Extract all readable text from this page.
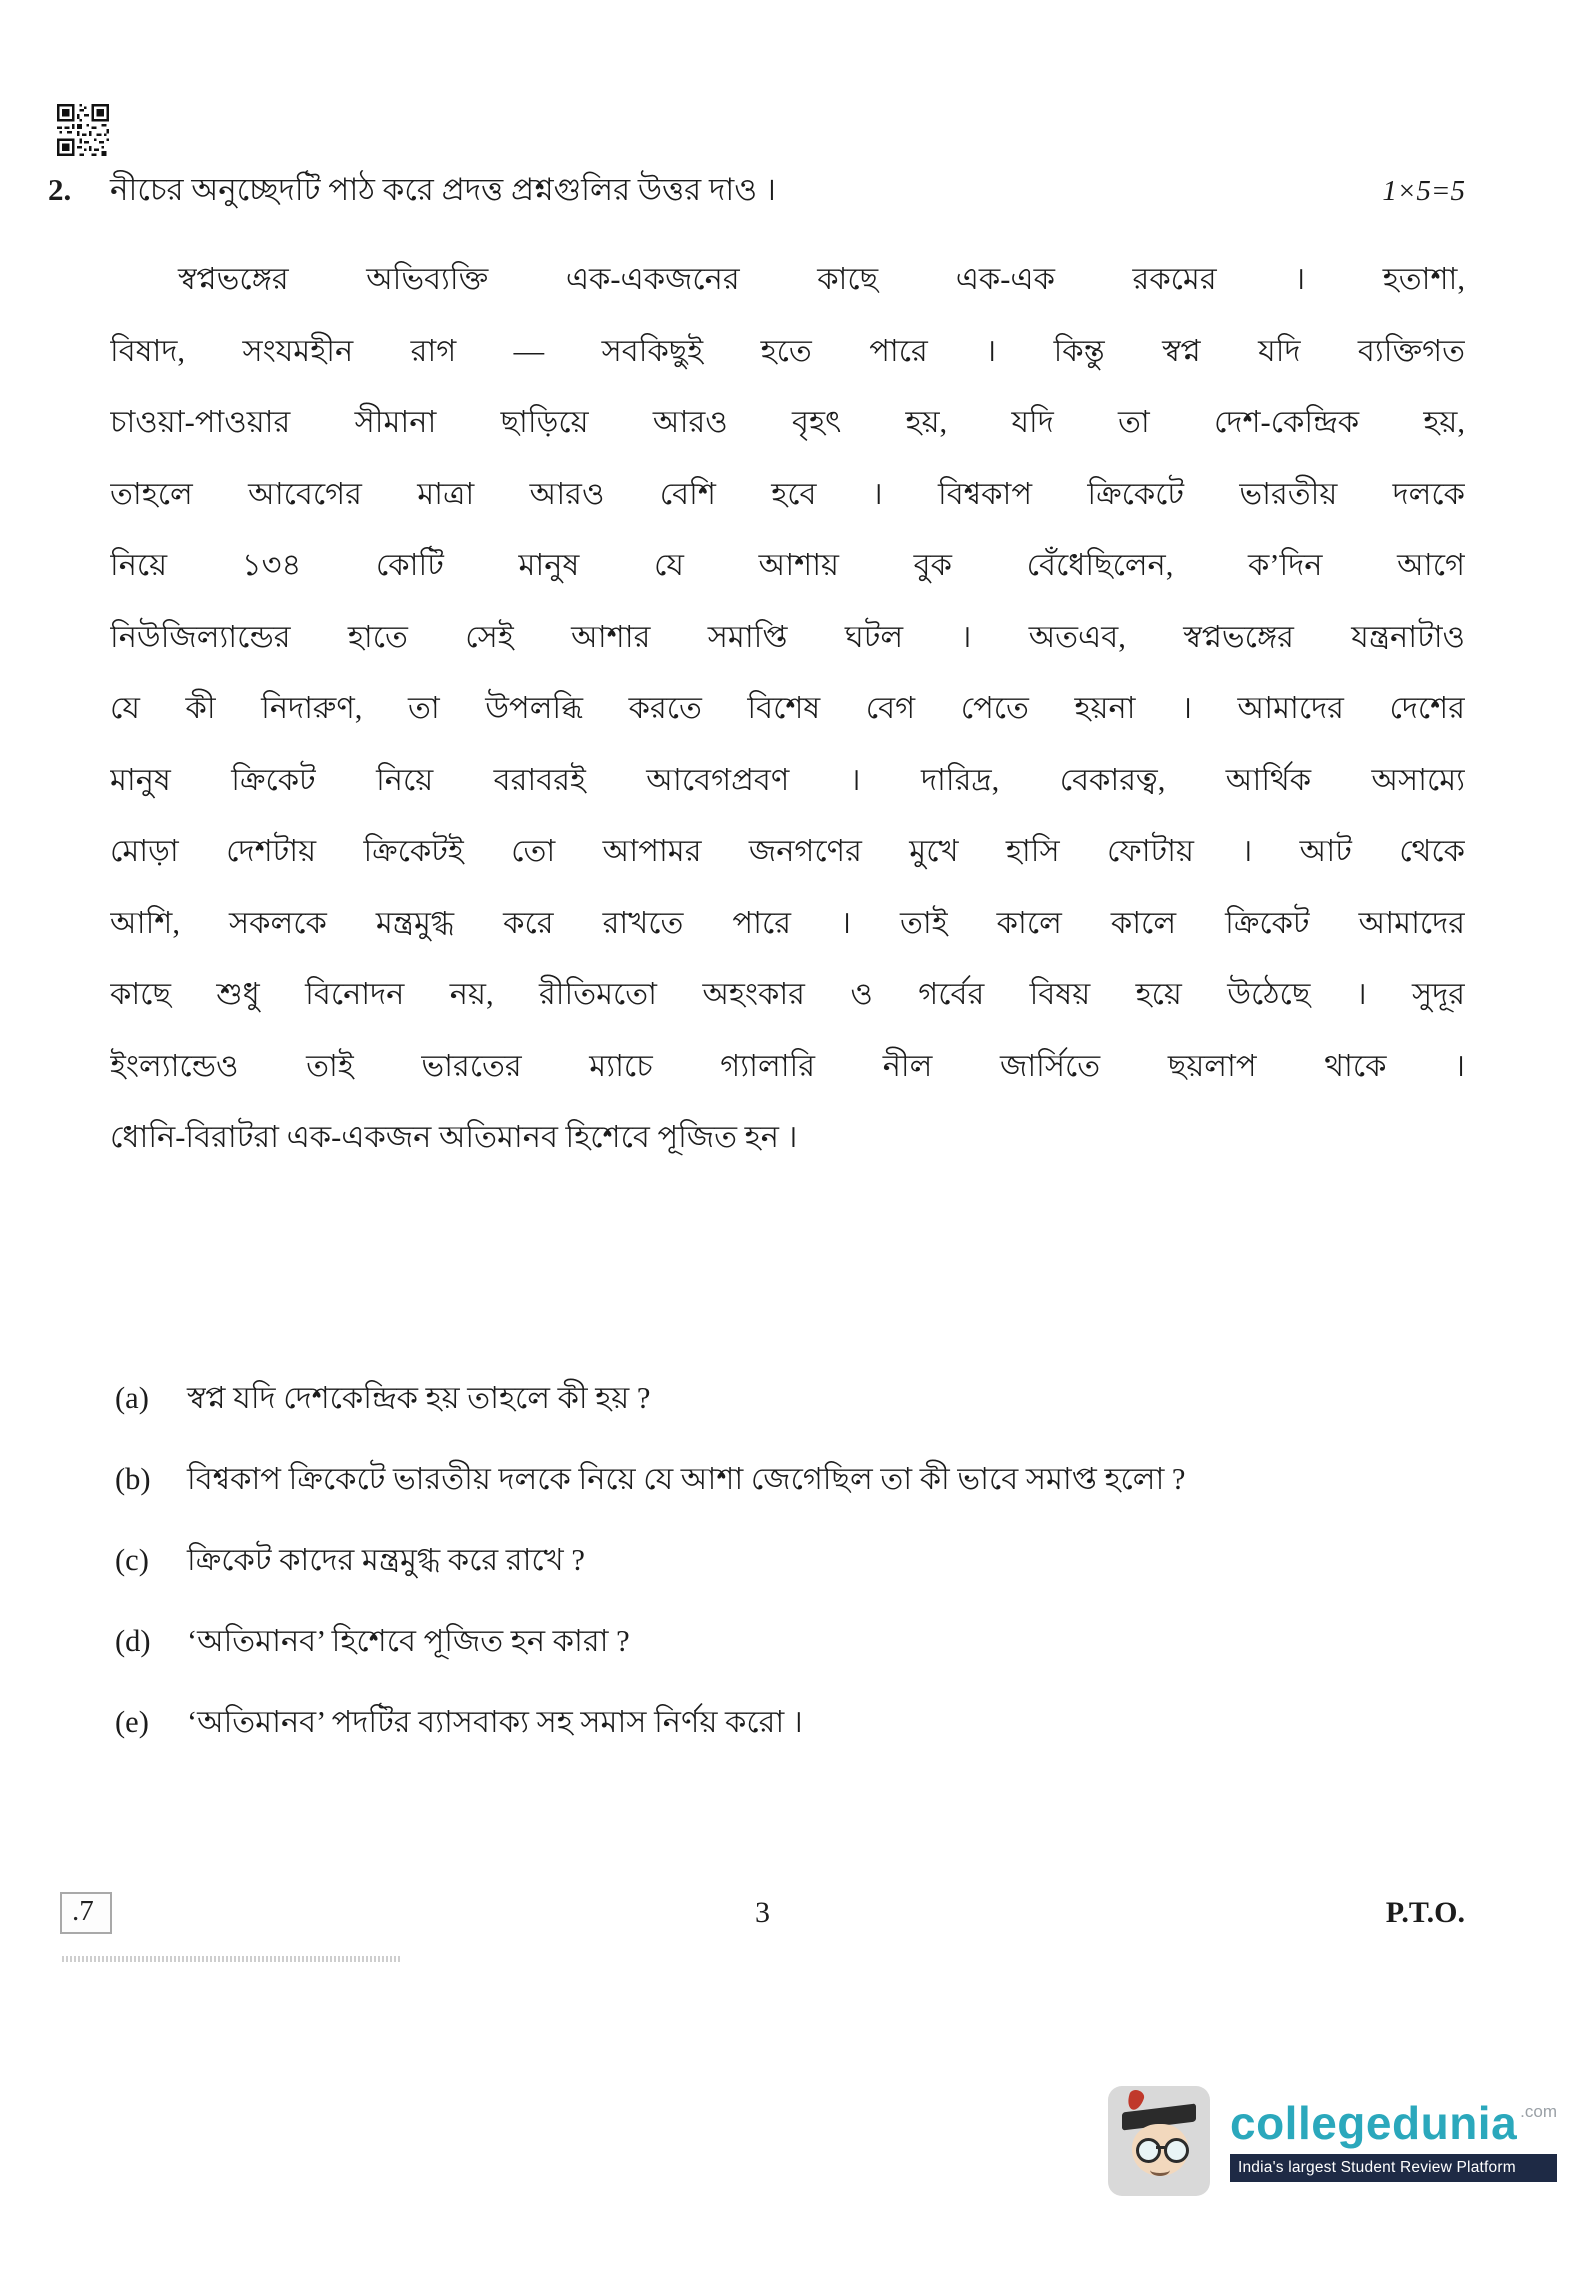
2.	নীচের অনুচ্ছেদটি পাঠ করে প্রদত্ত প্রশ্নগুলির উত্তর দাও ।	1×5=5
স্বপ্নভঙ্গের অভিব্যক্তি এক-একজনের কাছে এক-এক রকমের । হতাশা,
বিষাদ, সংযমহীন রাগ — সবকিছুই হতে পারে । কিন্তু স্বপ্ন যদি ব্যক্তিগত
চাওয়া-পাওয়ার সীমানা ছাড়িয়ে আরও বৃহৎ হয়, যদি তা দেশ-কেন্দ্রিক হয়,
তাহলে আবেগের মাত্রা আরও বেশি হবে । বিশ্বকাপ ক্রিকেটে ভারতীয় দলকে
নিয়ে ১৩৪ কোটি মানুষ যে আশায় বুক বেঁধেছিলেন, ক’দিন আগে
নিউজিল্যান্ডের হাতে সেই আশার সমাপ্তি ঘটল । অতএব, স্বপ্নভঙ্গের যন্ত্রনাটাও
যে কী নিদারুণ, তা উপলব্ধি করতে বিশেষ বেগ পেতে হয়না । আমাদের দেশের
মানুষ ক্রিকেট নিয়ে বরাবরই আবেগপ্রবণ । দারিদ্র, বেকারত্ব, আর্থিক অসাম্যে
মোড়া দেশটায় ক্রিকেটই তো আপামর জনগণের মুখে হাসি ফোটায় । আট থেকে
আশি, সকলকে মন্ত্রমুগ্ধ করে রাখতে পারে । তাই কালে কালে ক্রিকেট আমাদের
কাছে শুধু বিনোদন নয়, রীতিমতো অহংকার ও গর্বের বিষয় হয়ে উঠেছে । সুদূর
ইংল্যান্ডেও তাই ভারতের ম্যাচে গ্যালারি নীল জার্সিতে ছয়লাপ থাকে ।
ধোনি-বিরাটরা এক-একজন অতিমানব হিশেবে পূজিত হন ।
(a)	স্বপ্ন যদি দেশকেন্দ্রিক হয় তাহলে কী হয় ?
(b)	বিশ্বকাপ ক্রিকেটে ভারতীয় দলকে নিয়ে যে আশা জেগেছিল তা কী ভাবে সমাপ্ত হলো ?
(c)	ক্রিকেট কাদের মন্ত্রমুগ্ধ করে রাখে ?
(d)	‘অতিমানব’ হিশেবে পূজিত হন কারা ?
(e)	‘অতিমানব’ পদটির ব্যাসবাক্য সহ সমাস নির্ণয় করো ।
.7	3	P.T.O.
collegedunia .com
India's largest Student Review Platform
